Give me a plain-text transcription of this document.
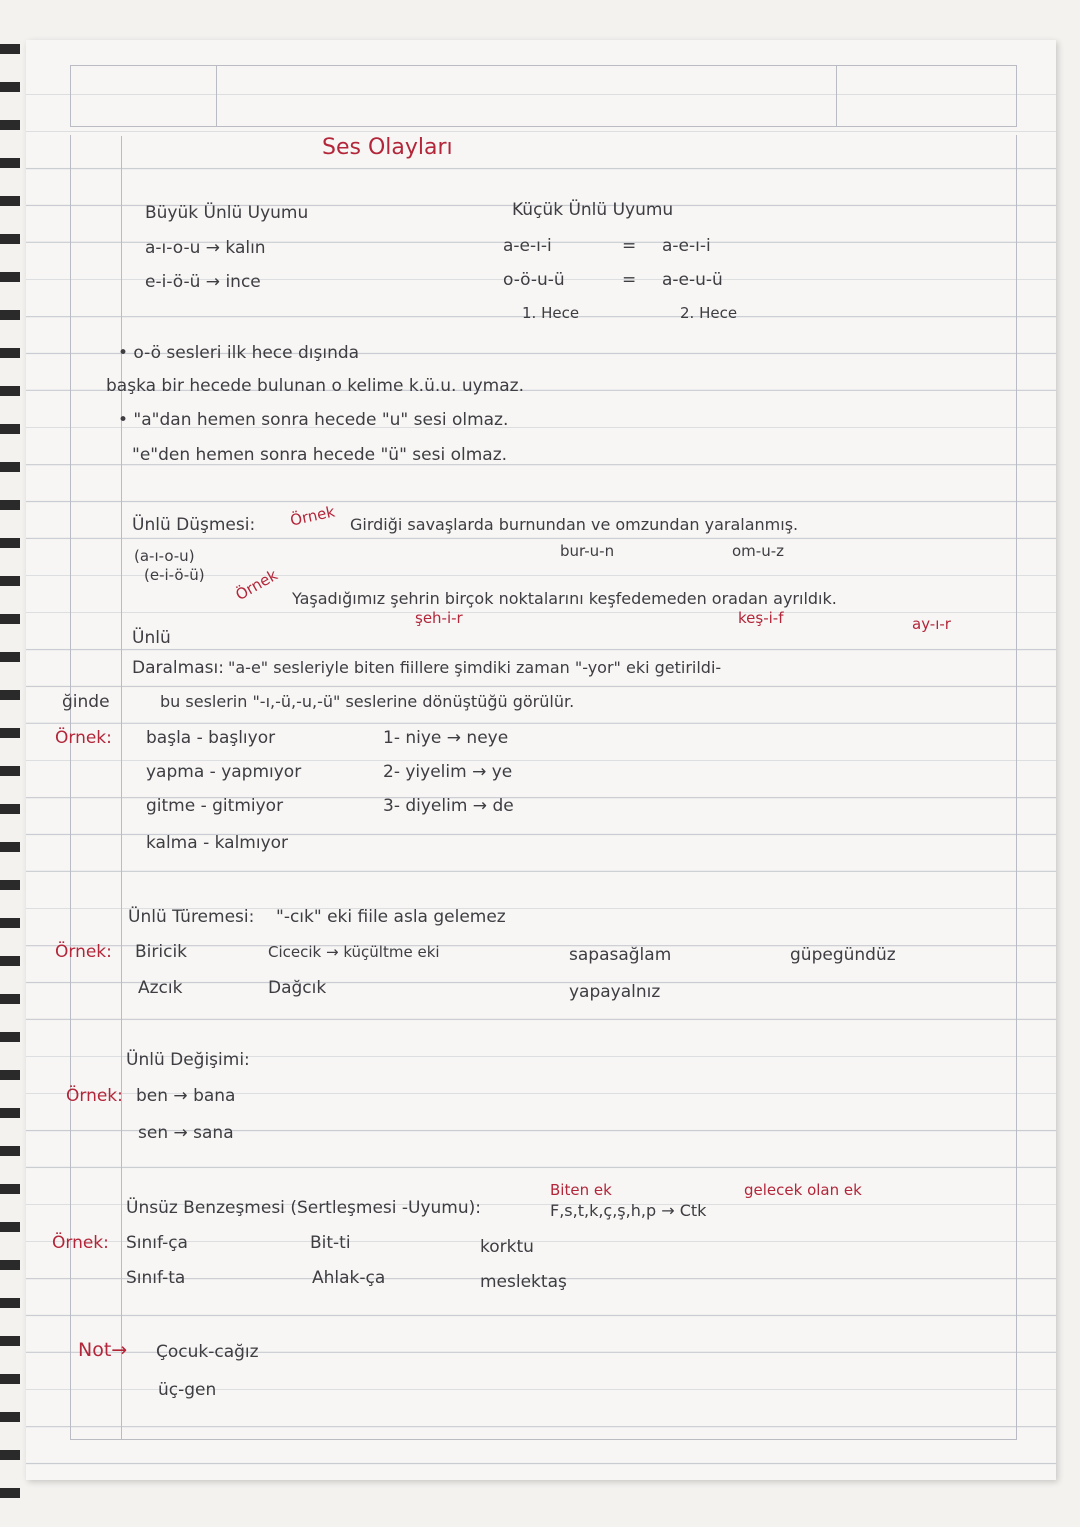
Ses Olayları
Büyük Ünlü Uyumu
a-ı-o-u → kalın
e-i-ö-ü → ince
Küçük Ünlü Uyumu
a-e-ı-i	= a-e-ı-i
o-ö-u-ü	= a-e-u-ü
1. Hece	2. Hece
• o-ö sesleri ilk hece dışında
başka bir hecede bulunan o kelime k.ü.u. uymaz.
• "a"dan hemen sonra hecede "u" sesi olmaz.
"e"den hemen sonra hecede "ü" sesi olmaz.
Ünlü Düşmesi: Örnek Girdiği savaşlarda burnundan ve omzundan yaralanmış.
(a-ı-o-u)
(e-i-ö-ü)
bur-u-n	om-u-z
Örnek Yaşadığımız şehrin birçok noktalarını keşfedemeden oradan ayrıldık.
şeh-i-r	keş-i-f	ay-ı-r
Ünlü
Daralması: "a-e" sesleriyle biten fiillere şimdiki zaman "-yor" eki getirildi-
ğinde	bu seslerin "-ı,-ü,-u,-ü" seslerine dönüştüğü görülür.
Örnek: başla - başlıyor
yapma - yapmıyor
gitme - gitmiyor
kalma - kalmıyor
1- niye → neye
2- yiyelim → ye
3- diyelim → de
Ünlü Türemesi: "-cık" eki fiile asla gelemez
Örnek: Biricik
Azcık
Cicecik → küçültme eki
Dağcık
sapasağlam
yapayalnız
güpegündüz
Ünlü Değişimi:
Örnek: ben → bana
sen → sana
Biten ek	gelecek olan ek
Ünsüz Benzeşmesi (Sertleşmesi -Uyumu):	F,s,t,k,ç,ş,h,p → Ctk
Örnek: Sınıf-ça
Sınıf-ta
Bit-ti
Ahlak-ça
korktu
meslektaş
Not→ Çocuk-cağız
üç-gen
